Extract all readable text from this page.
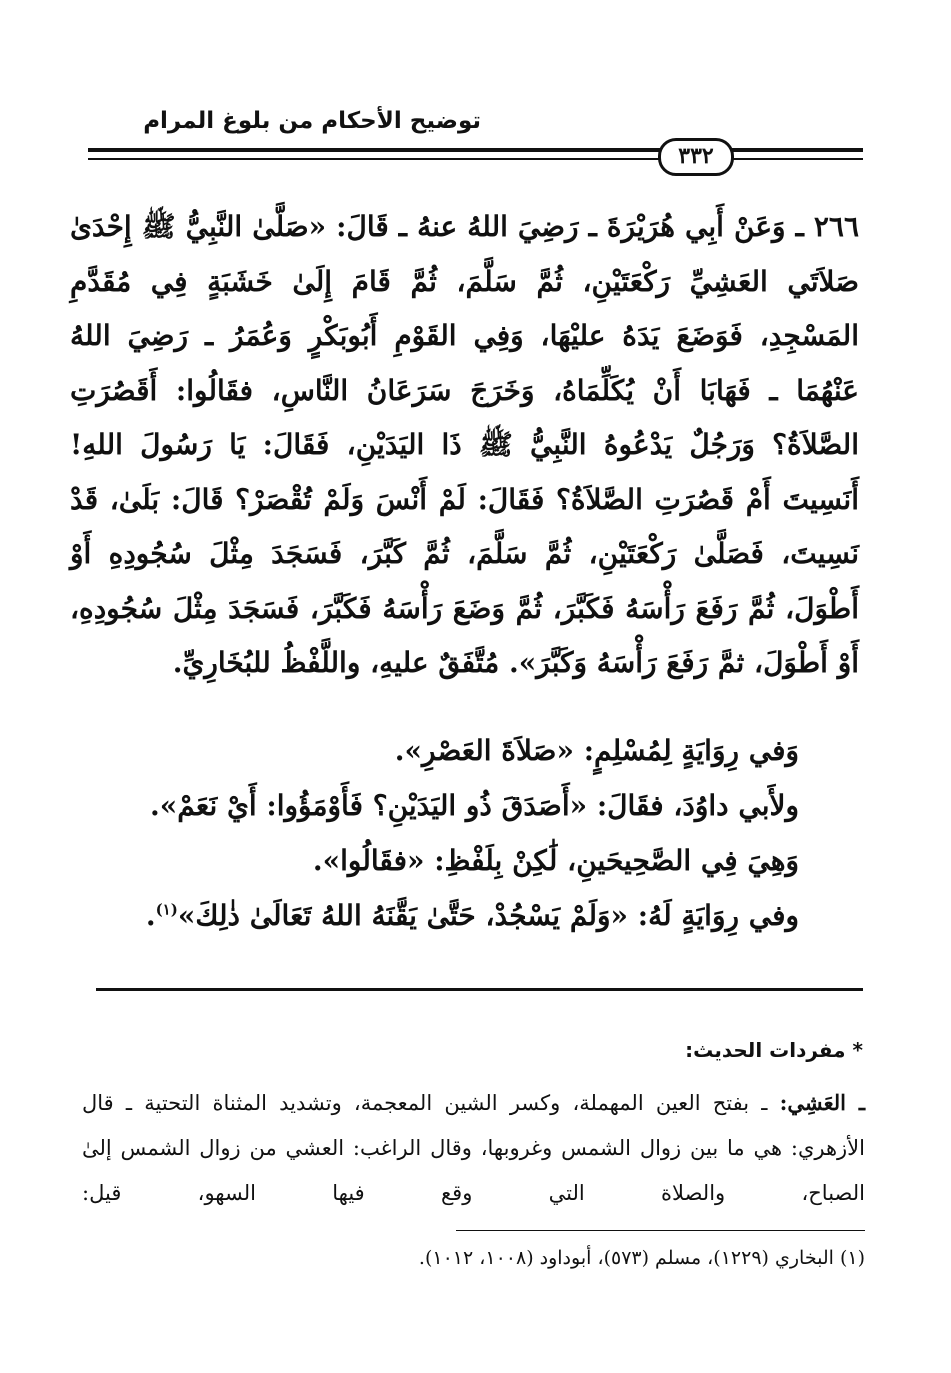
توضيح الأحكام من بلوغ المرام
٣٣٢

٢٦٦ ـ وَعَنْ أَبِي هُرَيْرَةَ ـ رَضِيَ اللهُ عنهُ ـ قَالَ: «صَلَّىٰ النَّبِيُّ ﷺ إِحْدَىٰ صَلاَتَي العَشِيِّ رَكْعَتَيْنِ، ثُمَّ سَلَّمَ، ثُمَّ قَامَ إِلَىٰ خَشَبَةٍ فِي مُقَدَّمِ المَسْجِدِ، فَوَضَعَ يَدَهُ عليْهَا، وَفِي القَوْمِ أَبُوبَكْرٍ وَعُمَرُ ـ رَضِيَ اللهُ عَنْهُمَا ـ فَهَابَا أَنْ يُكَلِّمَاهُ، وَخَرَجَ سَرَعَانُ النَّاسِ، فقَالُوا: أَقَصُرَتِ الصَّلاَةُ؟ وَرَجُلٌ يَدْعُوهُ النَّبِيُّ ﷺ ذَا اليَدَيْنِ، فَقَالَ: يَا رَسُولَ اللهِ! أَنَسِيتَ أَمْ قَصُرَتِ الصَّلاَةُ؟ فَقَالَ: لَمْ أَنْسَ وَلَمْ تُقْصَرْ؟ قَالَ: بَلَىٰ، قَدْ نَسِيتَ، فَصَلَّىٰ رَكْعَتَيْنِ، ثُمَّ سَلَّمَ، ثُمَّ كَبَّرَ، فَسَجَدَ مِثْلَ سُجُودِهِ أَوْ أَطْوَلَ، ثُمَّ رَفَعَ رَأْسَهُ فَكَبَّرَ، ثُمَّ وَضَعَ رَأْسَهُ فَكَبَّرَ، فَسَجَدَ مِثْلَ سُجُودِهِ، أَوْ أَطْوَلَ، ثمَّ رَفَعَ رَأْسَهُ وَكَبَّرَ». مُتَّفَقٌ عليهِ، واللَّفْظُ للبُخَارِيِّ.

وَفي رِوَايَةٍ لِمُسْلِمٍ: «صَلاَةَ العَصْرِ».
ولأَبي داوُدَ، فقَالَ: «أَصَدَقَ ذُو اليَدَيْنِ؟ فَأَوْمَؤُوا: أَيْ نَعَمْ».
وَهِيَ فِي الصَّحِيحَينِ، لَٰكِنْ بِلَفْظِ: «فقَالُوا».
وفي رِوَايَةٍ لَهُ: «وَلَمْ يَسْجُدْ، حَتَّىٰ يَقَّنَهُ اللهُ تَعَالَىٰ ذٰلِكَ»$^{(١)}$.
* مفردات الحديث:
ـ العَشِي: ـ بفتح العين المهملة، وكسر الشين المعجمة، وتشديد المثناة التحتية ـ قال الأزهري: هي ما بين زوال الشمس وغروبها، وقال الراغب: العشي من زوال الشمس إلىٰ الصباح، والصلاة التي وقع فيها السهو، قيل:
(١) البخاري (١٢٢٩)، مسلم (٥٧٣)، أبوداود (١٠٠٨، ١٠١٢).
